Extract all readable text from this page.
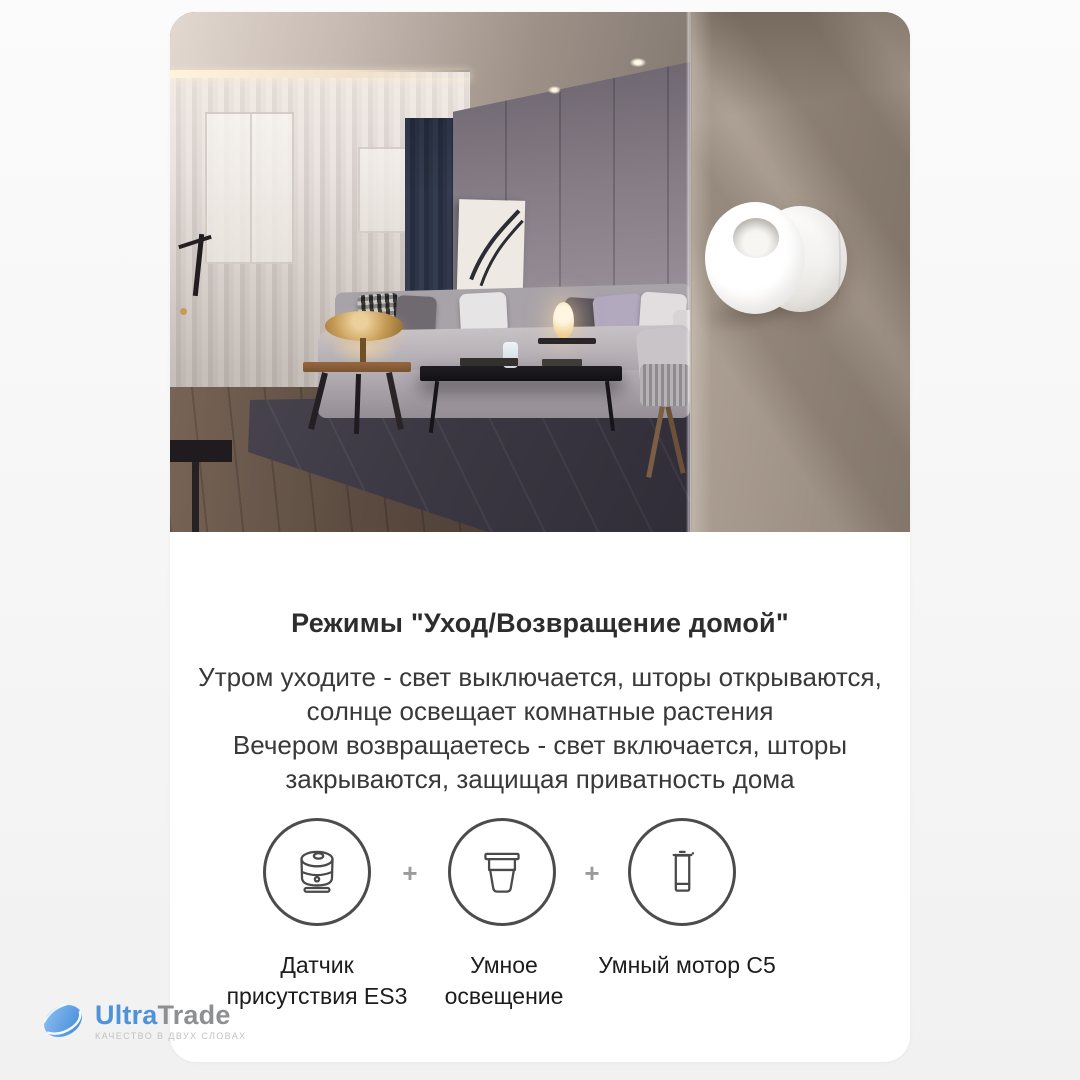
Режимы "Уход/Возвращение домой"
Утром уходите - свет выключается, шторы открываются,
солнце освещает комнатные растения
Вечером возвращаетесь - свет включается, шторы
закрываются, защищая приватность дома
+	+
Датчик
присутствия ES3
Умное
освещение
Умный мотор C5
UltraTrade
КАЧЕСТВО В ДВУХ СЛОВАХ
